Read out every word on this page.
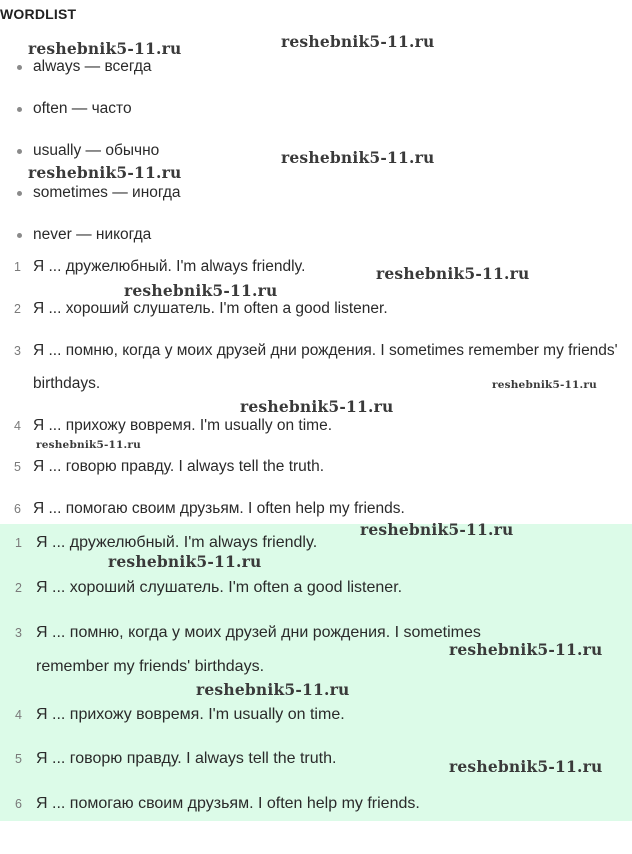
WORDLIST
always — всегда
often — часто
usually — обычно
sometimes — иногда
never — никогда
1 Я ... дружелюбный. I'm always friendly.
2 Я ... хороший слушатель. I'm often a good listener.
3 Я ... помню, когда у моих друзей дни рождения. I sometimes remember my friends' birthdays.
4 Я ... прихожу вовремя. I'm usually on time.
5 Я ... говорю правду. I always tell the truth.
6 Я ... помогаю своим друзьям. I often help my friends.
1 Я ... дружелюбный. I'm always friendly.
2 Я ... хороший слушатель. I'm often a good listener.
3 Я ... помню, когда у моих друзей дни рождения. I sometimes remember my friends' birthdays.
4 Я ... прихожу вовремя. I'm usually on time.
5 Я ... говорю правду. I always tell the truth.
6 Я ... помогаю своим друзьям. I often help my friends.
reshebnik5-11.ru	reshebnik5-11.ru
reshebnik5-11.ru
reshebnik5-11.ru
reshebnik5-11.ru
reshebnik5-11.ru
reshebnik5-11.ru
reshebnik5-11.ru
reshebnik5-11.ru
reshebnik5-11.ru
reshebnik5-11.ru
reshebnik5-11.ru
reshebnik5-11.ru
reshebnik5-11.ru
